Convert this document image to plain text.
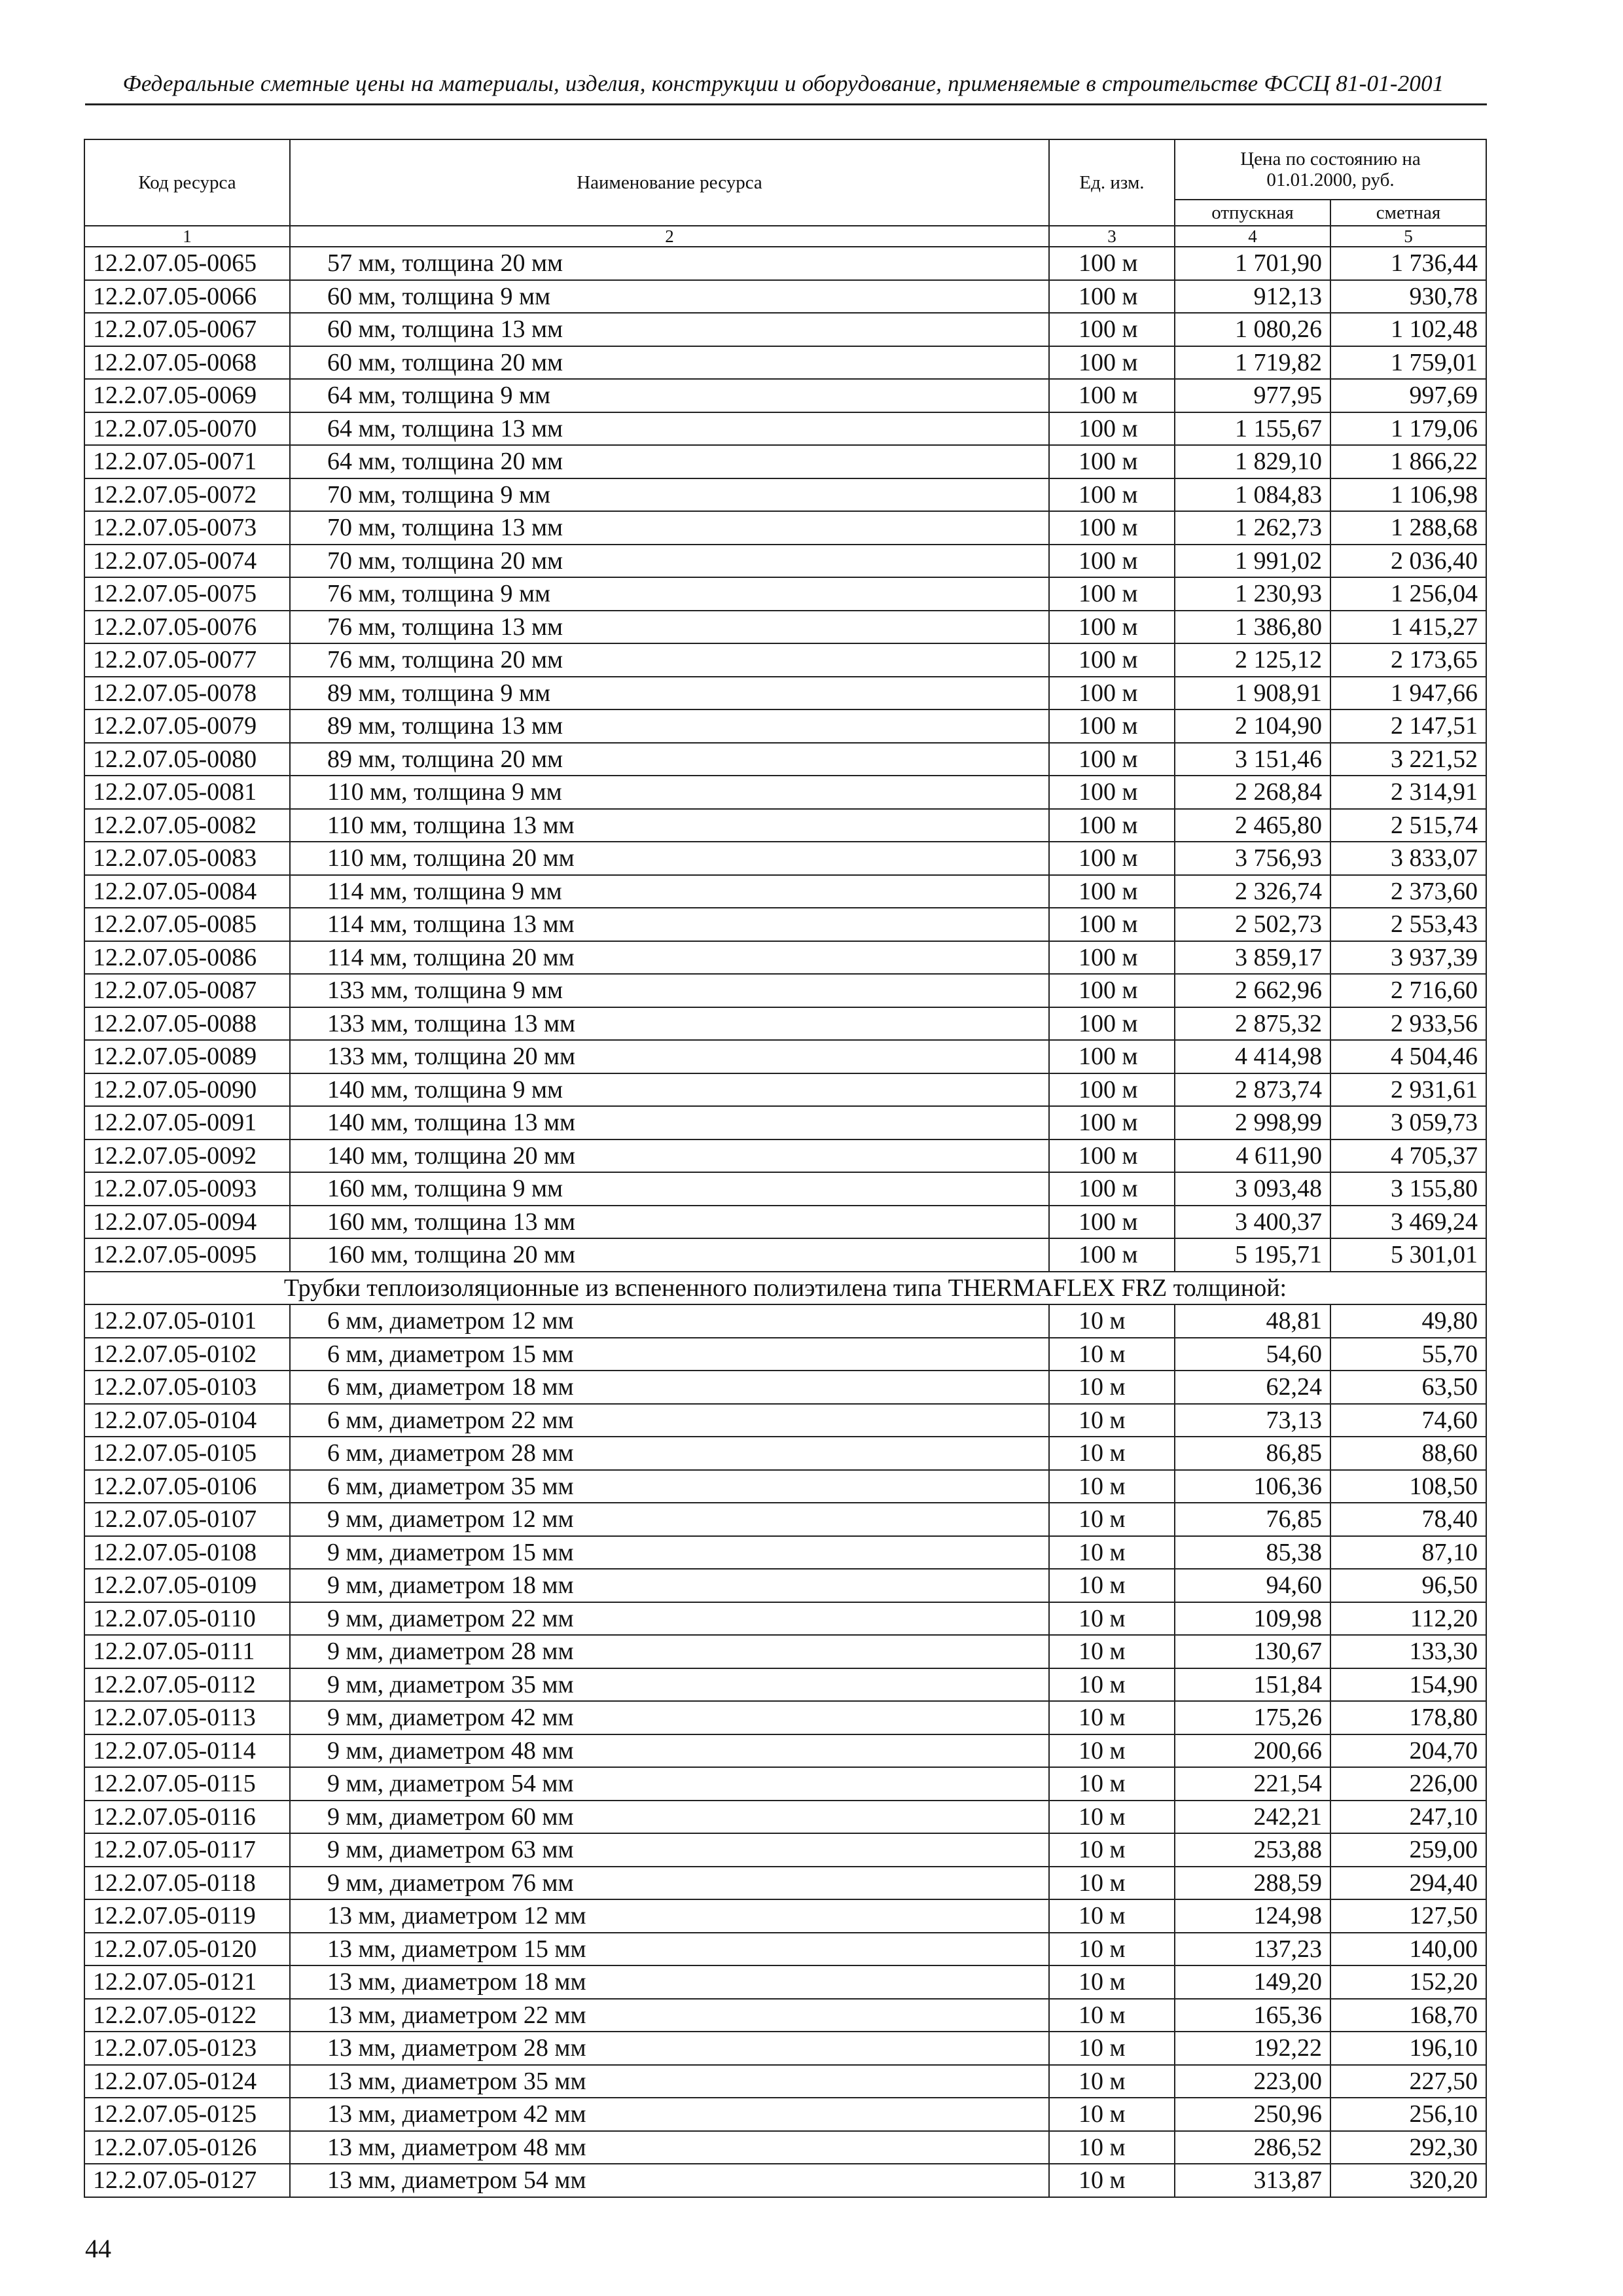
Федеральные сметные цены на материалы, изделия, конструкции и оборудование, применяемые в строительстве ФССЦ 81-01-2001
Код ресурса	Наименование ресурса	Ед. изм.	Цена по состоянию на 01.01.2000, руб.	
			отпускная	сметная
1	2	3	4	5
12.2.07.05-0065	57 мм, толщина 20 мм	100 м	1 701,90	1 736,44
12.2.07.05-0066	60 мм, толщина 9 мм	100 м	912,13	930,78
12.2.07.05-0067	60 мм, толщина 13 мм	100 м	1 080,26	1 102,48
12.2.07.05-0068	60 мм, толщина 20 мм	100 м	1 719,82	1 759,01
12.2.07.05-0069	64 мм, толщина 9 мм	100 м	977,95	997,69
12.2.07.05-0070	64 мм, толщина 13 мм	100 м	1 155,67	1 179,06
12.2.07.05-0071	64 мм, толщина 20 мм	100 м	1 829,10	1 866,22
12.2.07.05-0072	70 мм, толщина 9 мм	100 м	1 084,83	1 106,98
12.2.07.05-0073	70 мм, толщина 13 мм	100 м	1 262,73	1 288,68
12.2.07.05-0074	70 мм, толщина 20 мм	100 м	1 991,02	2 036,40
12.2.07.05-0075	76 мм, толщина 9 мм	100 м	1 230,93	1 256,04
12.2.07.05-0076	76 мм, толщина 13 мм	100 м	1 386,80	1 415,27
12.2.07.05-0077	76 мм, толщина 20 мм	100 м	2 125,12	2 173,65
12.2.07.05-0078	89 мм, толщина 9 мм	100 м	1 908,91	1 947,66
12.2.07.05-0079	89 мм, толщина 13 мм	100 м	2 104,90	2 147,51
12.2.07.05-0080	89 мм, толщина 20 мм	100 м	3 151,46	3 221,52
12.2.07.05-0081	110 мм, толщина 9 мм	100 м	2 268,84	2 314,91
12.2.07.05-0082	110 мм, толщина 13 мм	100 м	2 465,80	2 515,74
12.2.07.05-0083	110 мм, толщина 20 мм	100 м	3 756,93	3 833,07
12.2.07.05-0084	114 мм, толщина 9 мм	100 м	2 326,74	2 373,60
12.2.07.05-0085	114 мм, толщина 13 мм	100 м	2 502,73	2 553,43
12.2.07.05-0086	114 мм, толщина 20 мм	100 м	3 859,17	3 937,39
12.2.07.05-0087	133 мм, толщина 9 мм	100 м	2 662,96	2 716,60
12.2.07.05-0088	133 мм, толщина 13 мм	100 м	2 875,32	2 933,56
12.2.07.05-0089	133 мм, толщина 20 мм	100 м	4 414,98	4 504,46
12.2.07.05-0090	140 мм, толщина 9 мм	100 м	2 873,74	2 931,61
12.2.07.05-0091	140 мм, толщина 13 мм	100 м	2 998,99	3 059,73
12.2.07.05-0092	140 мм, толщина 20 мм	100 м	4 611,90	4 705,37
12.2.07.05-0093	160 мм, толщина 9 мм	100 м	3 093,48	3 155,80
12.2.07.05-0094	160 мм, толщина 13 мм	100 м	3 400,37	3 469,24
12.2.07.05-0095	160 мм, толщина 20 мм	100 м	5 195,71	5 301,01
Трубки теплоизоляционные из вспененного полиэтилена типа THERMAFLEX FRZ толщиной:				
12.2.07.05-0101	6 мм, диаметром 12 мм	10 м	48,81	49,80
12.2.07.05-0102	6 мм, диаметром 15 мм	10 м	54,60	55,70
12.2.07.05-0103	6 мм, диаметром 18 мм	10 м	62,24	63,50
12.2.07.05-0104	6 мм, диаметром 22 мм	10 м	73,13	74,60
12.2.07.05-0105	6 мм, диаметром 28 мм	10 м	86,85	88,60
12.2.07.05-0106	6 мм, диаметром 35 мм	10 м	106,36	108,50
12.2.07.05-0107	9 мм, диаметром 12 мм	10 м	76,85	78,40
12.2.07.05-0108	9 мм, диаметром 15 мм	10 м	85,38	87,10
12.2.07.05-0109	9 мм, диаметром 18 мм	10 м	94,60	96,50
12.2.07.05-0110	9 мм, диаметром 22 мм	10 м	109,98	112,20
12.2.07.05-0111	9 мм, диаметром 28 мм	10 м	130,67	133,30
12.2.07.05-0112	9 мм, диаметром 35 мм	10 м	151,84	154,90
12.2.07.05-0113	9 мм, диаметром 42 мм	10 м	175,26	178,80
12.2.07.05-0114	9 мм, диаметром 48 мм	10 м	200,66	204,70
12.2.07.05-0115	9 мм, диаметром 54 мм	10 м	221,54	226,00
12.2.07.05-0116	9 мм, диаметром 60 мм	10 м	242,21	247,10
12.2.07.05-0117	9 мм, диаметром 63 мм	10 м	253,88	259,00
12.2.07.05-0118	9 мм, диаметром 76 мм	10 м	288,59	294,40
12.2.07.05-0119	13 мм, диаметром 12 мм	10 м	124,98	127,50
12.2.07.05-0120	13 мм, диаметром 15 мм	10 м	137,23	140,00
12.2.07.05-0121	13 мм, диаметром 18 мм	10 м	149,20	152,20
12.2.07.05-0122	13 мм, диаметром 22 мм	10 м	165,36	168,70
12.2.07.05-0123	13 мм, диаметром 28 мм	10 м	192,22	196,10
12.2.07.05-0124	13 мм, диаметром 35 мм	10 м	223,00	227,50
12.2.07.05-0125	13 мм, диаметром 42 мм	10 м	250,96	256,10
12.2.07.05-0126	13 мм, диаметром 48 мм	10 м	286,52	292,30
12.2.07.05-0127	13 мм, диаметром 54 мм	10 м	313,87	320,20
44
